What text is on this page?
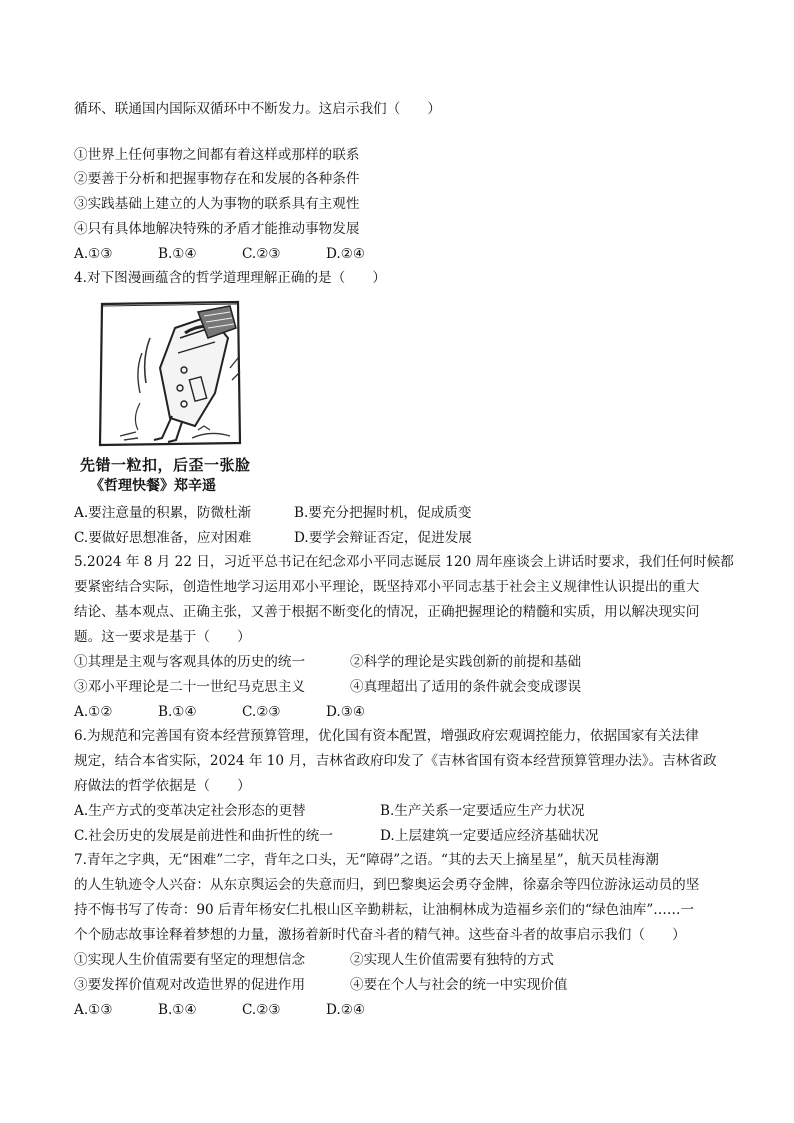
循环、联通国内国际双循环中不断发力。这启示我们（　　）
①世界上任何事物之间都有着这样或那样的联系
②要善于分析和把握事物存在和发展的各种条件
③实践基础上建立的人为事物的联系具有主观性
④只有具体地解决特殊的矛盾才能推动事物发展
A.①③	B.①④	C.②③	D.②④
4.对下图漫画蕴含的哲学道理理解正确的是（　　）
先错一粒扣，后歪一张脸
《哲理快餐》郑辛遥
A.要注意量的积累，防微杜渐	B.要充分把握时机，促成质变
C.要做好思想准备，应对困难	D.要学会辩证否定，促进发展
5.2024 年 8 月 22 日，习近平总书记在纪念邓小平同志诞辰 120 周年座谈会上讲话时要求，我们任何时候都
要紧密结合实际，创造性地学习运用邓小平理论，既坚持邓小平同志基于社会主义规律性认识提出的重大
结论、基本观点、正确主张，又善于根据不断变化的情况，正确把握理论的精髓和实质，用以解决现实问
题。这一要求是基于（　　）
①其理是主观与客观具体的历史的统一	②科学的理论是实践创新的前提和基础
③邓小平理论是二十一世纪马克思主义	④真理超出了适用的条件就会变成谬误
A.①②	B.①④	C.②③	D.③④
6.为规范和完善国有资本经营预算管理，优化国有资本配置，增强政府宏观调控能力，依据国家有关法律
规定，结合本省实际，2024 年 10 月，吉林省政府印发了《吉林省国有资本经营预算管理办法》。吉林省政
府做法的哲学依据是（　　）
A.生产方式的变革决定社会形态的更替	B.生产关系一定要适应生产力状况
C.社会历史的发展是前进性和曲折性的统一	D.上层建筑一定要适应经济基础状况
7.青年之字典，无“困难”二字，背年之口头，无“障碍”之语。“其的去天上摘星星”，航天员桂海潮
的人生轨迹令人兴奋：从东京舆运会的失意而归，到巴黎奥运会勇夺金牌，徐嘉余等四位游泳运动员的坚
持不悔书写了传奇：90 后青年杨安仁扎根山区辛勤耕耘，让油桐林成为造福乡亲们的“绿色油库”……一
个个励志故事诠释着梦想的力量，激扬着新时代奋斗者的精气神。这些奋斗者的故事启示我们（　　）
①实现人生价值需要有坚定的理想信念	②实现人生价值需要有独特的方式
③要发挥价值观对改造世界的促进作用	④要在个人与社会的统一中实现价值
A.①③	B.①④	C.②③	D.②④
